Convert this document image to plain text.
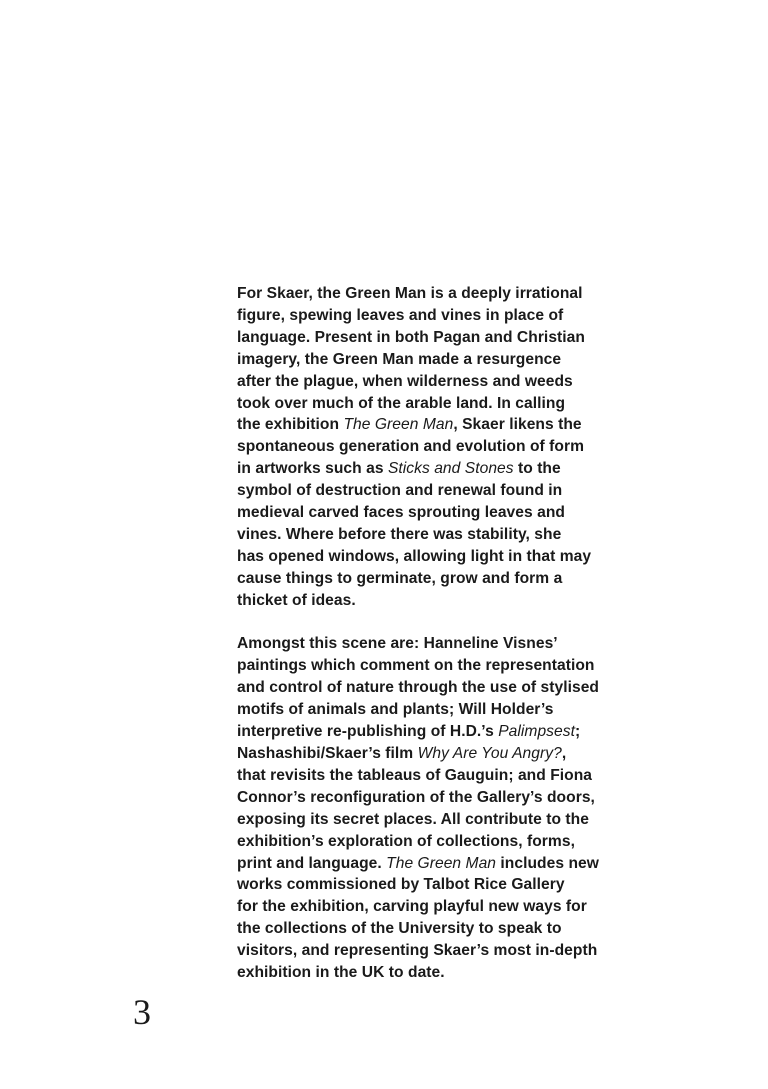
For Skaer, the Green Man is a deeply irrational
figure, spewing leaves and vines in place of
language. Present in both Pagan and Christian
imagery, the Green Man made a resurgence
after the plague, when wilderness and weeds
took over much of the arable land. In calling
the exhibition The Green Man, Skaer likens the
spontaneous generation and evolution of form
in artworks such as Sticks and Stones to the
symbol of destruction and renewal found in
medieval carved faces sprouting leaves and
vines. Where before there was stability, she
has opened windows, allowing light in that may
cause things to germinate, grow and form a
thicket of ideas.

Amongst this scene are: Hanneline Visnes’
paintings which comment on the representation
and control of nature through the use of stylised
motifs of animals and plants; Will Holder’s
interpretive re-publishing of H.D.’s Palimpsest;
Nashashibi/Skaer’s film Why Are You Angry?,
that revisits the tableaus of Gauguin; and Fiona
Connor’s reconfiguration of the Gallery’s doors,
exposing its secret places. All contribute to the
exhibition’s exploration of collections, forms,
print and language. The Green Man includes new
works commissioned by Talbot Rice Gallery
for the exhibition, carving playful new ways for
the collections of the University to speak to
visitors, and representing Skaer’s most in-depth
exhibition in the UK to date.

3
